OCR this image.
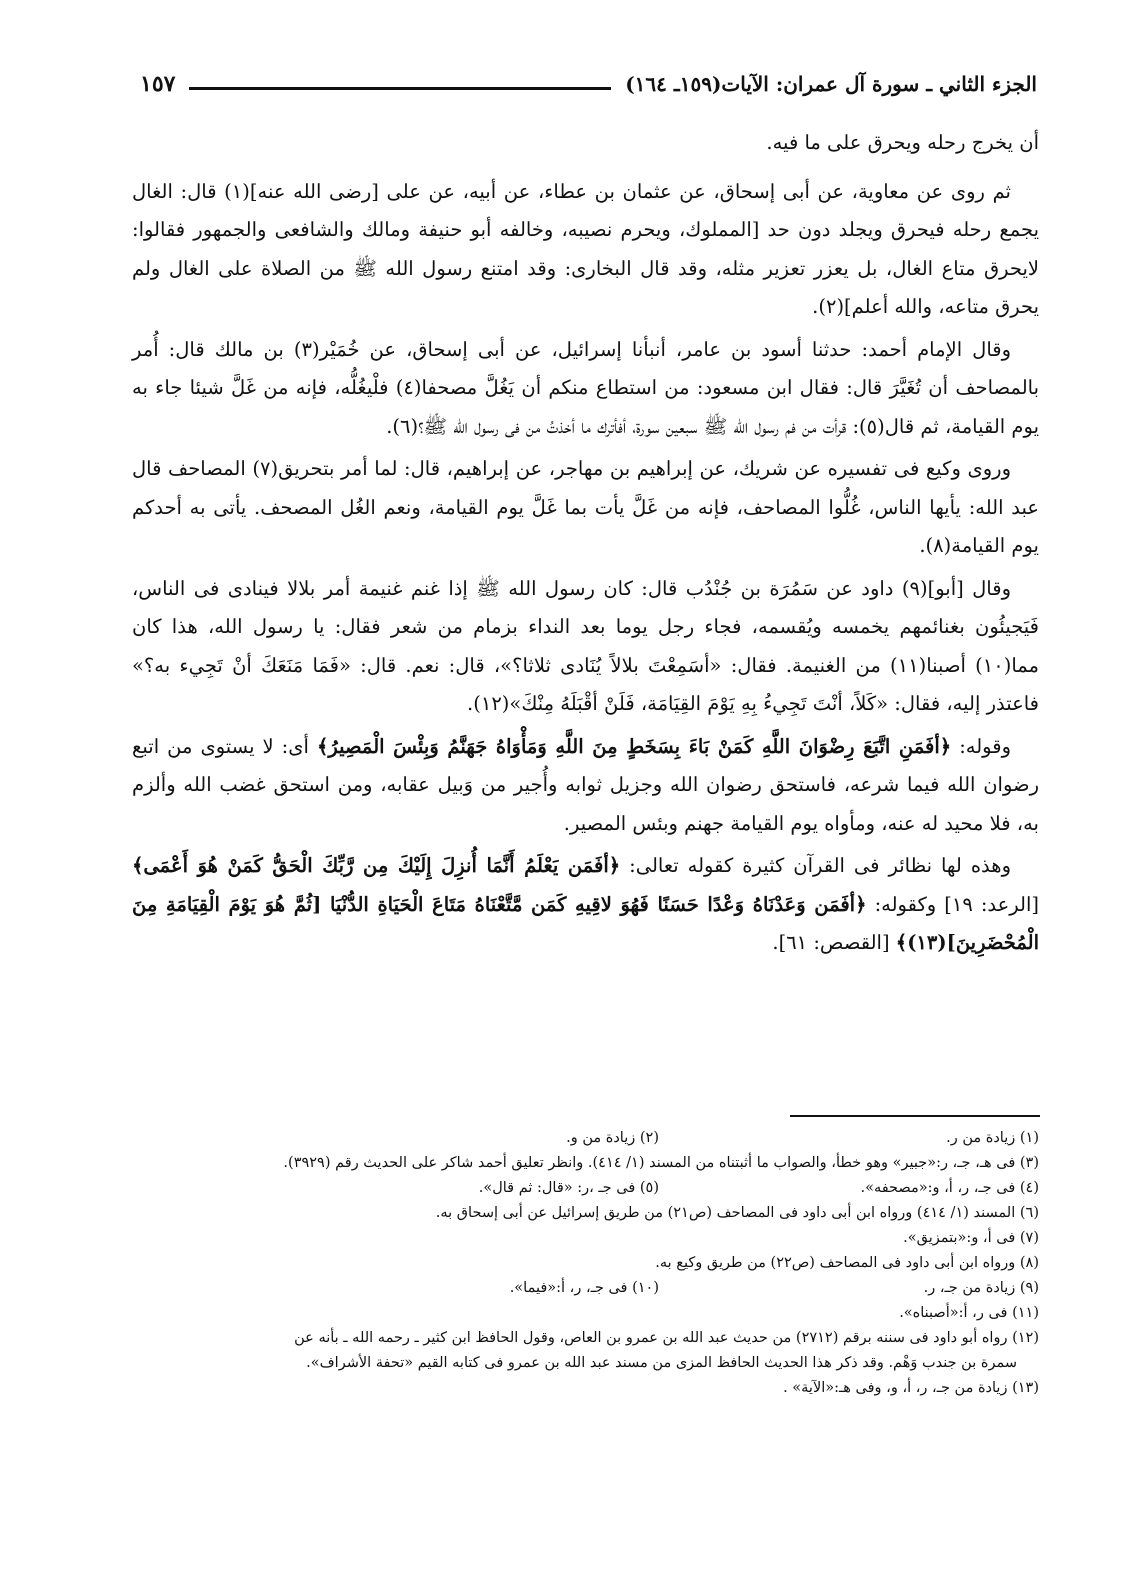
الجزء الثاني ـ سورة آل عمران: الآيات(١٥٩ـ ١٦٤)
١٥٧

أن يخرج رحله ويحرق على ما فيه.

ثم روى عن معاوية، عن أبى إسحاق، عن عثمان بن عطاء، عن أبيه، عن على [رضى الله عنه](١) قال: الغال يجمع رحله فيحرق ويجلد دون حد [المملوك، ويحرم نصيبه، وخالفه أبو حنيفة ومالك والشافعى والجمهور فقالوا: لايحرق متاع الغال، بل يعزر تعزير مثله، وقد قال البخارى: وقد امتنع رسول الله ﷺ من الصلاة على الغال ولم يحرق متاعه، والله أعلم](٢).

وقال الإمام أحمد: حدثنا أسود بن عامر، أنبأنا إسرائيل، عن أبى إسحاق، عن خُمَيْر(٣) بن مالك قال: أُمر بالمصاحف أن تُغَيَّرَ قال: فقال ابن مسعود: من استطاع منكم أن يَغُلَّ مصحفا(٤) فلْيغُلُّه، فإنه من غَلَّ شيئا جاء به يوم القيامة، ثم قال(٥): قرأت من فم رسول الله ﷺ سبعين سورة، أفأترك ما أخذتُ من فى رسول الله ﷺ؟(٦).

وروى وكيع فى تفسيره عن شريك، عن إبراهيم بن مهاجر، عن إبراهيم، قال: لما أمر بتحريق(٧) المصاحف قال عبد الله: يأيها الناس، غُلُّوا المصاحف، فإنه من غَلَّ يأت بما غَلَّ يوم القيامة، ونعم الغُل المصحف. يأتى به أحدكم يوم القيامة(٨).

وقال [أبو](٩) داود عن سَمُرَة بن جُنْدُب قال: كان رسول الله ﷺ إذا غنم غنيمة أمر بلالا فينادى فى الناس، فَيَجيئُون بغنائمهم يخمسه ويُقسمه، فجاء رجل يوما بعد النداء بزمام من شعر فقال: يا رسول الله، هذا كان مما(١٠) أصبنا(١١) من الغنيمة. فقال: «أسَمِعْتَ بلالاً يُنَادى ثلاثا؟»، قال: نعم. قال: «فَمَا مَنَعَكَ أنْ تَجِيء به؟» فاعتذر إليه، فقال: «كَلاً، أنْتَ تَجِيءُ بِهِ يَوْمَ القِيَامَة، فَلَنْ أقْبَلَهُ مِنْكَ»(١٢).

وقوله: ﴿أفَمَنِ اتَّبَعَ رِضْوَانَ اللَّهِ كَمَنْ بَاءَ بِسَخَطٍ مِنَ اللَّهِ وَمَأْوَاهُ جَهَنَّمُ وَبِئْسَ الْمَصِيرُ﴾ أى: لا يستوى من اتبع رضوان الله فيما شرعه، فاستحق رضوان الله وجزيل ثوابه وأُجير من وَبيل عقابه، ومن استحق غضب الله وألزم به، فلا محيد له عنه، ومأواه يوم القيامة جهنم وبئس المصير.

وهذه لها نظائر فى القرآن كثيرة كقوله تعالى: ﴿أفَمَن يَعْلَمُ أَنَّمَا أُنزِلَ إِلَيْكَ مِن رَّبِّكَ الْحَقُّ كَمَنْ هُوَ أَعْمَى﴾ [الرعد: ١٩] وكقوله: ﴿أفَمَن وَعَدْنَاهُ وَعْدًا حَسَنًا فَهُوَ لاقِيهِ كَمَن مَّتَّعْنَاهُ مَتَاعَ الْحَيَاةِ الدُّنْيَا [ثُمَّ هُوَ يَوْمَ الْقِيَامَةِ مِنَ الْمُحْضَرِينَ](١٣)﴾ [القصص: ٦١].

(١) زيادة من ر.

(٢) زيادة من و.

(٣) فى هـ، جـ، ر:«جبير» وهو خطأ، والصواب ما أثبتناه من المسند (١/ ٤١٤). وانظر تعليق أحمد شاكر على الحديث رقم (٣٩٢٩).

(٤) فى جـ، ر، أ، و:«مصحفه».

(٥) فى جـ ،ر: «قال: ثم قال».

(٦) المسند (١/ ٤١٤) ورواه ابن أبى داود فى المصاحف (ص٢١) من طريق إسرائيل عن أبى إسحاق به.

(٧) فى أ، و:«بتمزيق».

(٨) ورواه ابن أبى داود فى المصاحف (ص٢٢) من طريق وكيع به.

(٩) زيادة من جـ، ر.

(١٠) فى جـ، ر، أ:«فيما».

(١١) فى ر، أ:«أصبناه».

(١٢) رواه أبو داود فى سننه برقم (٢٧١٢) من حديث عبد الله بن عمرو بن العاص، وقول الحافظ ابن كثير ـ رحمه الله ـ بأنه عن

سمرة بن جندب وَهْم. وقد ذكر هذا الحديث الحافظ المزى من مسند عبد الله بن عمرو فى كتابه القيم «تحفة الأشراف».

(١٣) زيادة من جـ، ر، أ، و، وفى هـ:«الآية» .
